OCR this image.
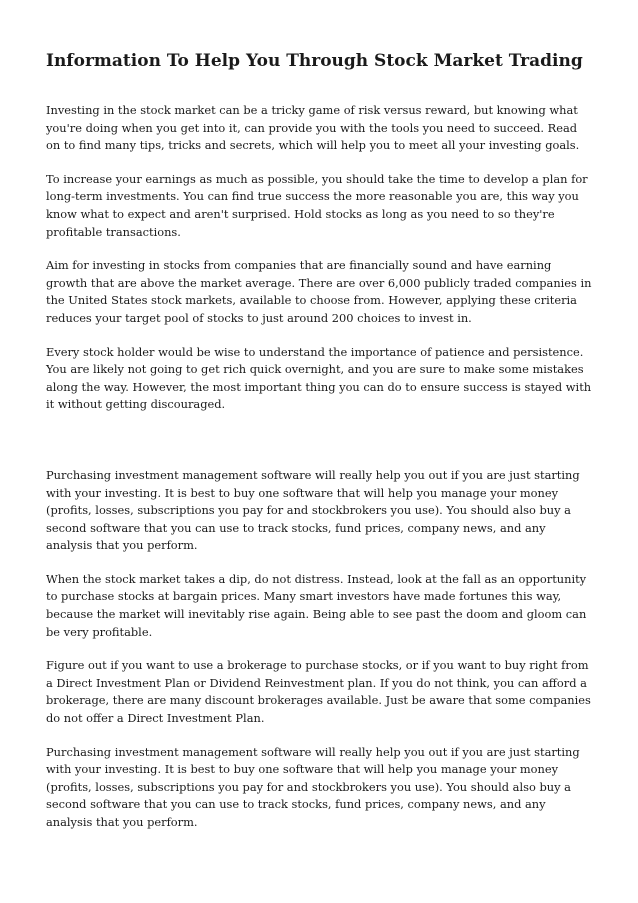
Information To Help You Through Stock Market Trading

Investing in the stock market can be a tricky game of risk versus reward, but knowing what you're doing when you get into it, can provide you with the tools you need to succeed. Read on to find many tips, tricks and secrets, which will help you to meet all your investing goals.

To increase your earnings as much as possible, you should take the time to develop a plan for long-term investments. You can find true success the more reasonable you are, this way you know what to expect and aren't surprised. Hold stocks as long as you need to so they're profitable transactions.

Aim for investing in stocks from companies that are financially sound and have earning growth that are above the market average. There are over 6,000 publicly traded companies in the United States stock markets, available to choose from. However, applying these criteria reduces your target pool of stocks to just around 200 choices to invest in.

Every stock holder would be wise to understand the importance of patience and persistence. You are likely not going to get rich quick overnight, and you are sure to make some mistakes along the way. However, the most important thing you can do to ensure success is stayed with it without getting discouraged.

Purchasing investment management software will really help you out if you are just starting with your investing. It is best to buy one software that will help you manage your money (profits, losses, subscriptions you pay for and stockbrokers you use). You should also buy a second software that you can use to track stocks, fund prices, company news, and any analysis that you perform.

When the stock market takes a dip, do not distress. Instead, look at the fall as an opportunity to purchase stocks at bargain prices. Many smart investors have made fortunes this way, because the market will inevitably rise again. Being able to see past the doom and gloom can be very profitable.

Figure out if you want to use a brokerage to purchase stocks, or if you want to buy right from a Direct Investment Plan or Dividend Reinvestment plan. If you do not think, you can afford a brokerage, there are many discount brokerages available. Just be aware that some companies do not offer a Direct Investment Plan.

Purchasing investment management software will really help you out if you are just starting with your investing. It is best to buy one software that will help you manage your money (profits, losses, subscriptions you pay for and stockbrokers you use). You should also buy a second software that you can use to track stocks, fund prices, company news, and any analysis that you perform.
